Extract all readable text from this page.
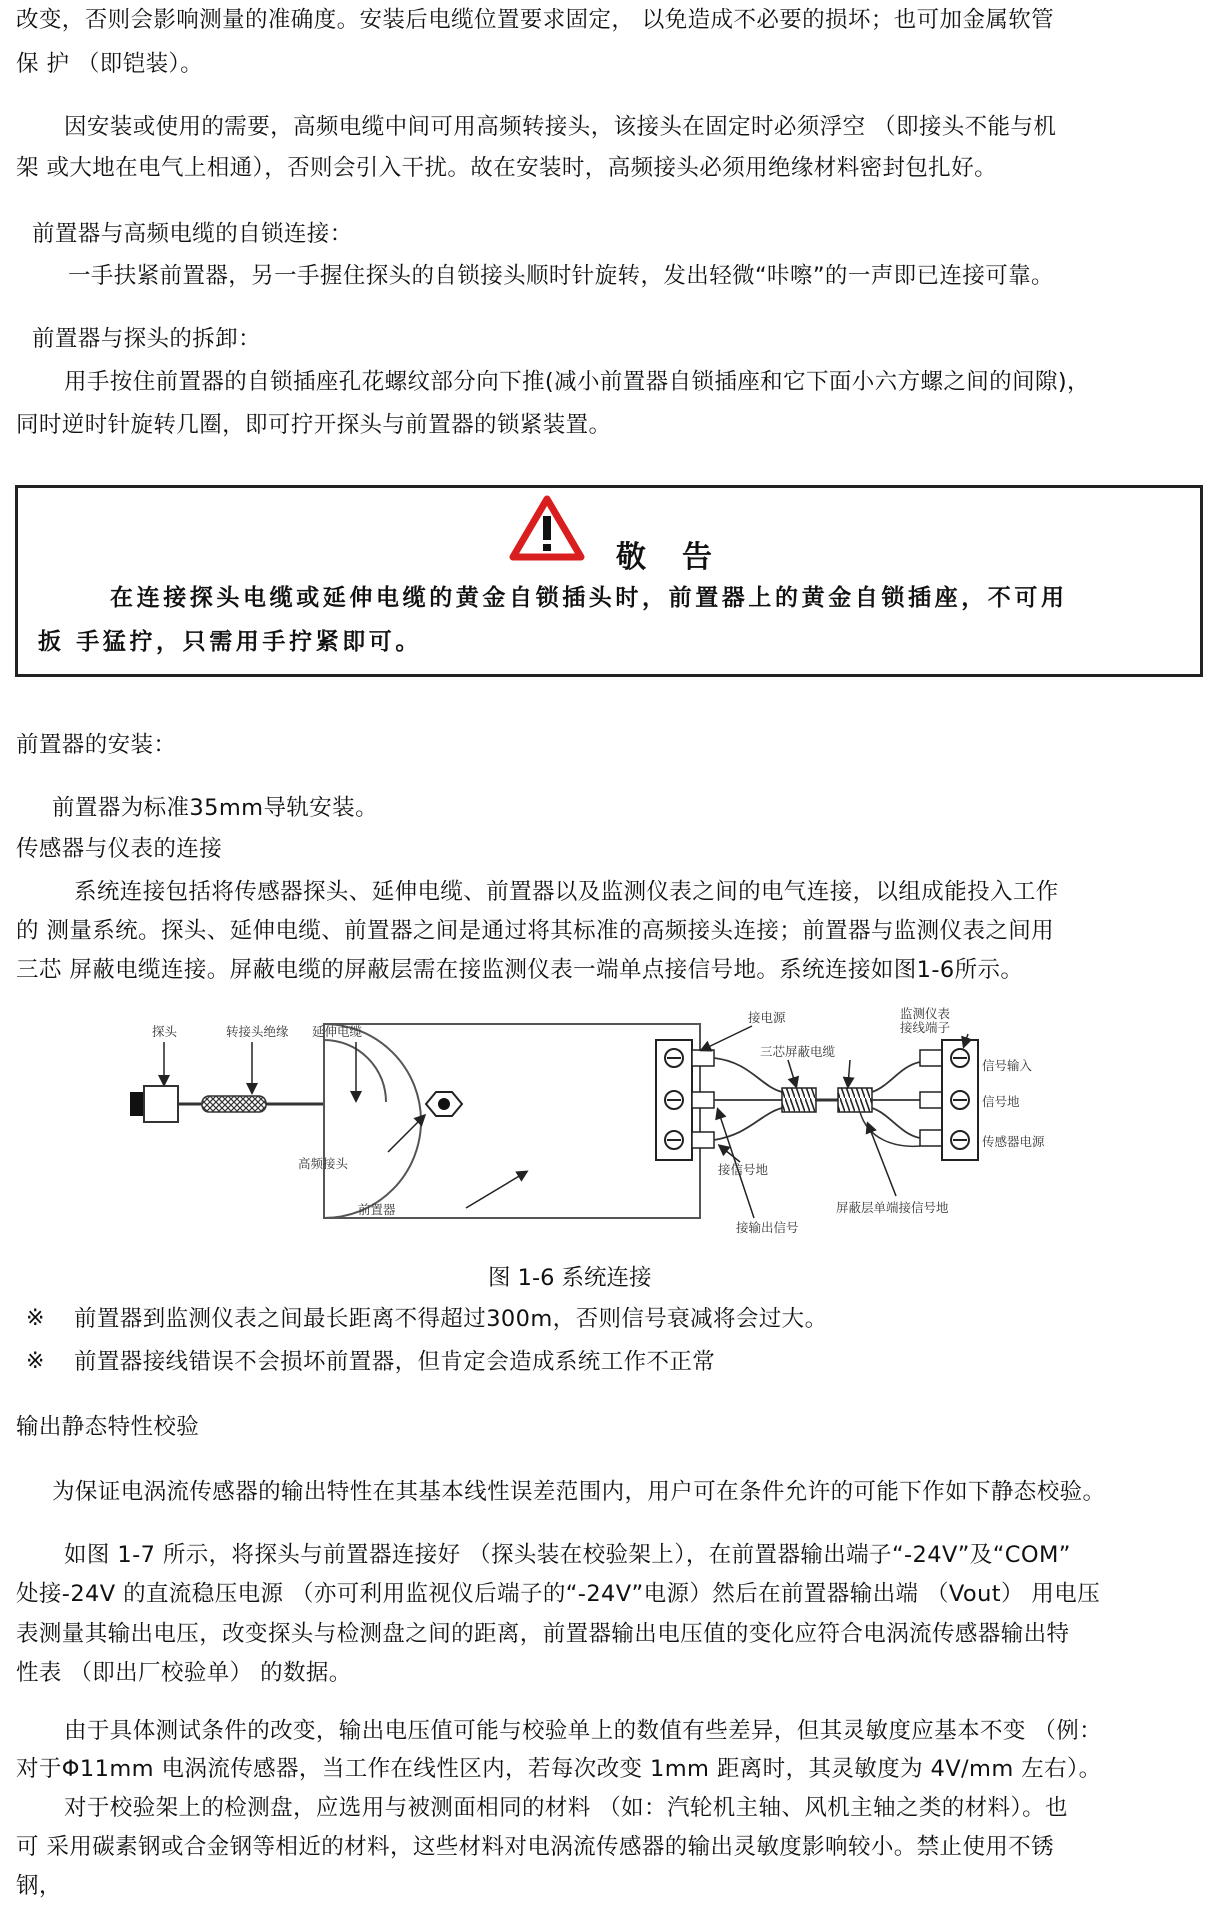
改变，否则会影响测量的准确度。安装后电缆位置要求固定， 以免造成不必要的损坏；也可加金属软管

保 护 （即铠装）。

因安装或使用的需要，高频电缆中间可用高频转接头，该接头在固定时必须浮空 （即接头不能与机

架 或大地在电气上相通），否则会引入干扰。故在安装时，高频接头必须用绝缘材料密封包扎好。

前置器与高频电缆的自锁连接：

一手扶紧前置器，另一手握住探头的自锁接头顺时针旋转，发出轻微“咔嚓”的一声即已连接可靠。

前置器与探头的拆卸：

用手按住前置器的自锁插座孔花螺纹部分向下推(减小前置器自锁插座和它下面小六方螺之间的间隙)，

同时逆时针旋转几圈，即可拧开探头与前置器的锁紧装置。

敬告

在连接探头电缆或延伸电缆的黄金自锁插头时，前置器上的黄金自锁插座，不可用

扳 手猛拧，只需用手拧紧即可。

前置器的安装：

前置器为标准35mm导轨安装。

传感器与仪表的连接

系统连接包括将传感器探头、延伸电缆、前置器以及监测仪表之间的电气连接，以组成能投入工作

的 测量系统。探头、延伸电缆、前置器之间是通过将其标准的高频接头连接；前置器与监测仪表之间用

三芯 屏蔽电缆连接。屏蔽电缆的屏蔽层需在接监测仪表一端单点接信号地。系统连接如图1-6所示。

探头	转接头绝缘 延伸电缆
高频接头
前置器
接电源
三芯屏蔽电缆
监测仪表
接线端子
信号输入
信号地
传感器电源
接信号地
接输出信号
屏蔽层单端接信号地

图 1-6 系统连接

※ 前置器到监测仪表之间最长距离不得超过300m，否则信号衰减将会过大。

※ 前置器接线错误不会损坏前置器，但肯定会造成系统工作不正常

输出静态特性校验

为保证电涡流传感器的输出特性在其基本线性误差范围内，用户可在条件允许的可能下作如下静态校验。

如图 1-7 所示，将探头与前置器连接好 （探头装在校验架上），在前置器输出端子“-24V”及“COM”

处接-24V 的直流稳压电源 （亦可利用监视仪后端子的“-24V”电源）然后在前置器输出端 （Vout） 用电压

表测量其输出电压，改变探头与检测盘之间的距离，前置器输出电压值的变化应符合电涡流传感器输出特

性表 （即出厂校验单） 的数据。

由于具体测试条件的改变，输出电压值可能与校验单上的数值有些差异，但其灵敏度应基本不变 （例：

对于Φ11mm 电涡流传感器，当工作在线性区内，若每次改变 1mm 距离时，其灵敏度为 4V/mm 左右）。

对于校验架上的检测盘，应选用与被测面相同的材料 （如：汽轮机主轴、风机主轴之类的材料）。也

可 采用碳素钢或合金钢等相近的材料，这些材料对电涡流传感器的输出灵敏度影响较小。禁止使用不锈

钢，
